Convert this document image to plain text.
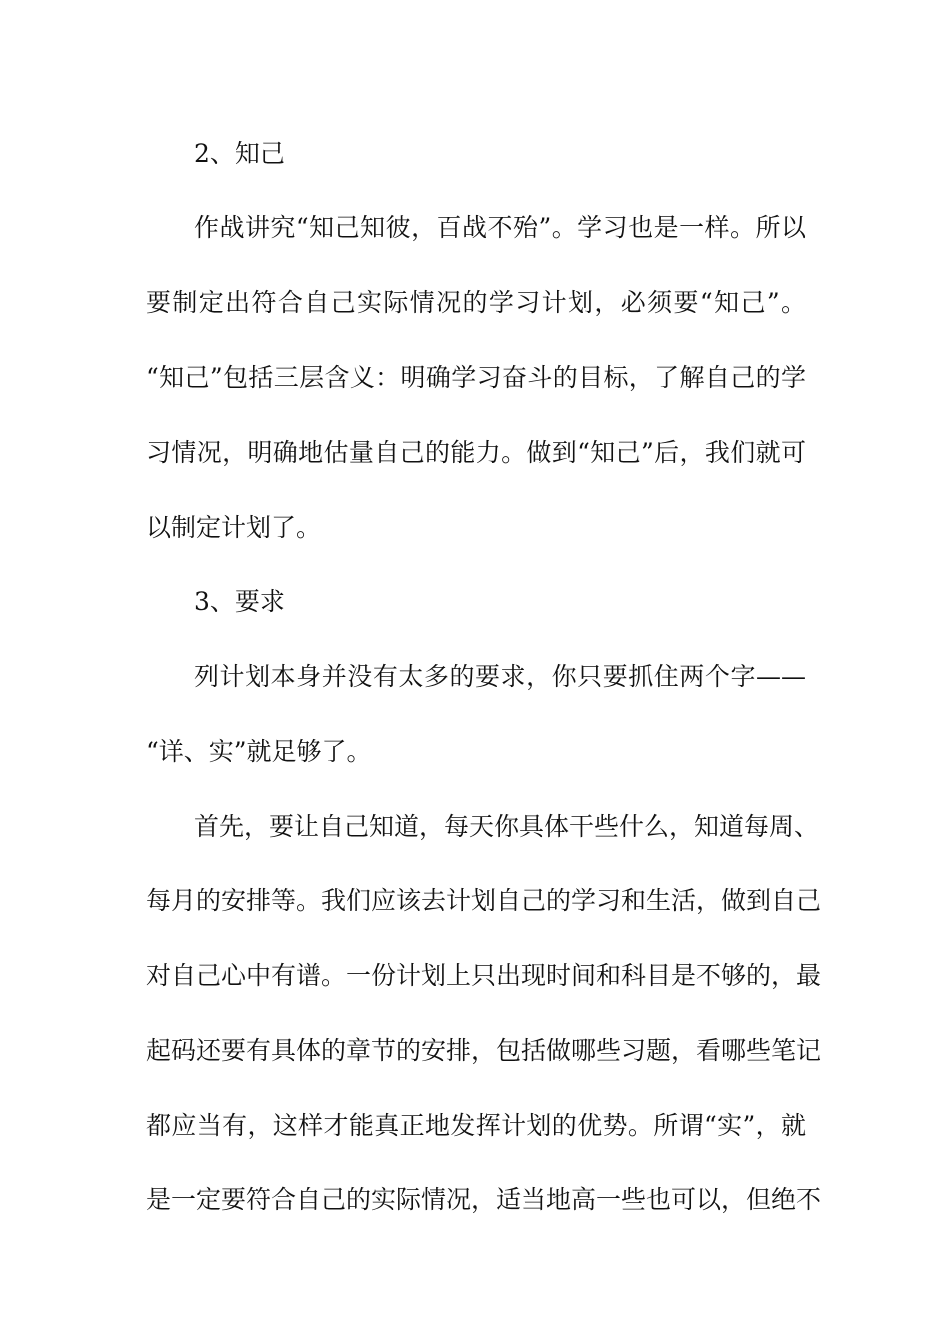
2、知己
作战讲究“知己知彼，百战不殆”。学习也是一样。所以
要制定出符合自己实际情况的学习计划，必须要“知己”。
“知己”包括三层含义：明确学习奋斗的目标，了解自己的学
习情况，明确地估量自己的能力。做到“知己”后，我们就可
以制定计划了。
3、要求
列计划本身并没有太多的要求，你只要抓住两个字——
“详、实”就足够了。
首先，要让自己知道，每天你具体干些什么，知道每周、
每月的安排等。我们应该去计划自己的学习和生活，做到自己
对自己心中有谱。一份计划上只出现时间和科目是不够的，最
起码还要有具体的章节的安排，包括做哪些习题，看哪些笔记
都应当有，这样才能真正地发挥计划的优势。所谓“实”，就
是一定要符合自己的实际情况，适当地高一些也可以，但绝不
